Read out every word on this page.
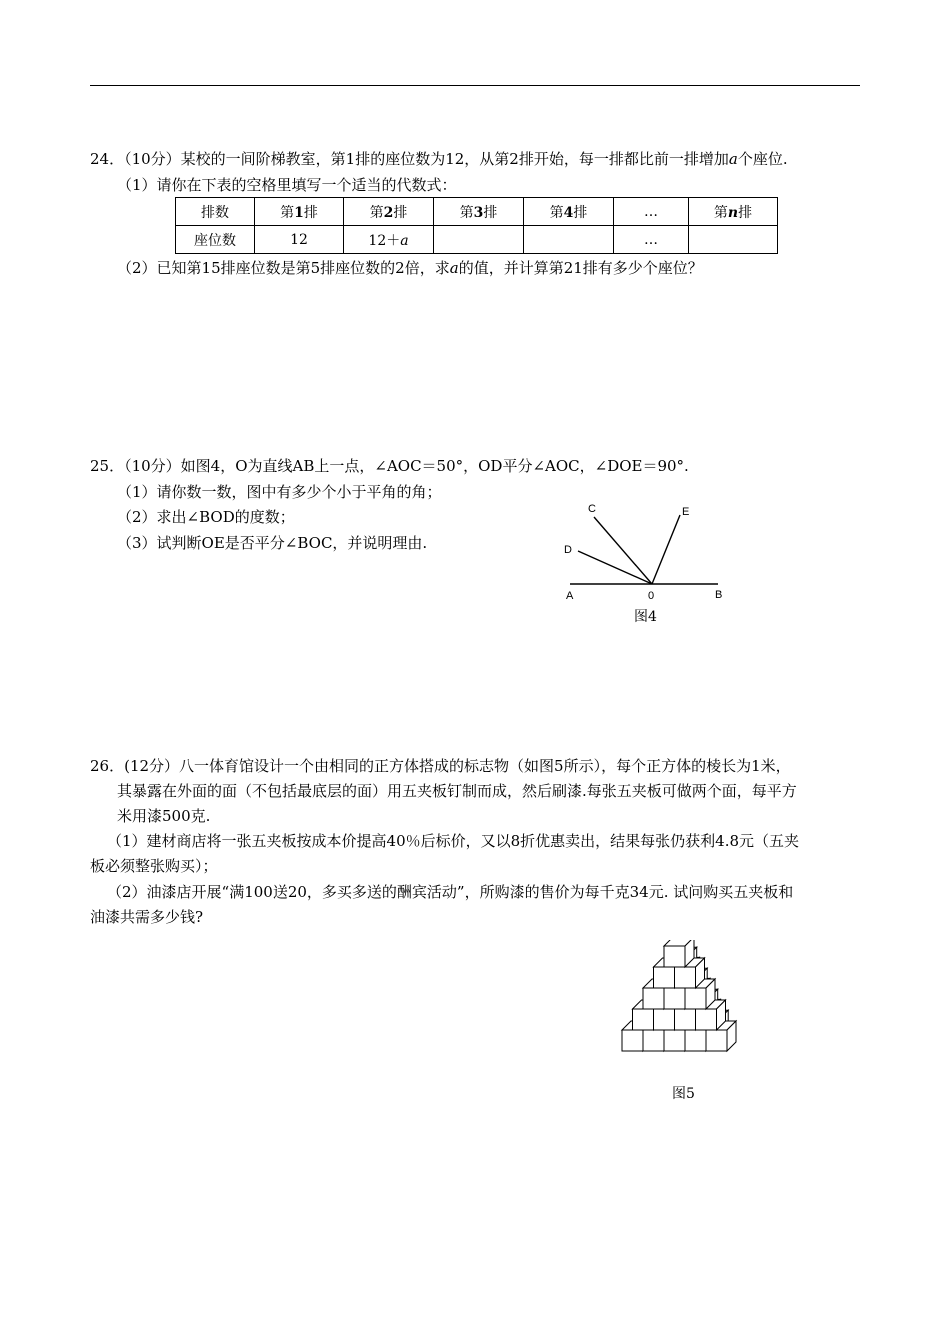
24．（10分）某校的一间阶梯教室，第1排的座位数为12，从第2排开始，每一排都比前一排增加a个座位.
（1）请你在下表的空格里填写一个适当的代数式：
排数	第1排	第2排	第3排	第4排	…	第n排
座位数	12	12＋a			…	
（2）已知第15排座位数是第5排座位数的2倍，求a的值，并计算第21排有多少个座位？
25．（10分）如图4，O为直线AB上一点，∠AOC＝50°，OD平分∠AOC，∠DOE＝90°.
（1）请你数一数，图中有多少个小于平角的角；
（2）求出∠BOD的度数；
（3）试判断OE是否平分∠BOC，并说明理由.
A	0	B
C
D
E
图4
26．(12分）八一体育馆设计一个由相同的正方体搭成的标志物（如图5所示），每个正方体的棱长为1米，
其暴露在外面的面（不包括最底层的面）用五夹板钉制而成，然后刷漆.每张五夹板可做两个面，每平方
米用漆500克.
（1）建材商店将一张五夹板按成本价提高40％后标价，又以8折优惠卖出，结果每张仍获利4.8元（五夹
板必须整张购买）；
（2）油漆店开展“满100送20，多买多送的酬宾活动”，所购漆的售价为每千克34元. 试问购买五夹板和
油漆共需多少钱?
图5
